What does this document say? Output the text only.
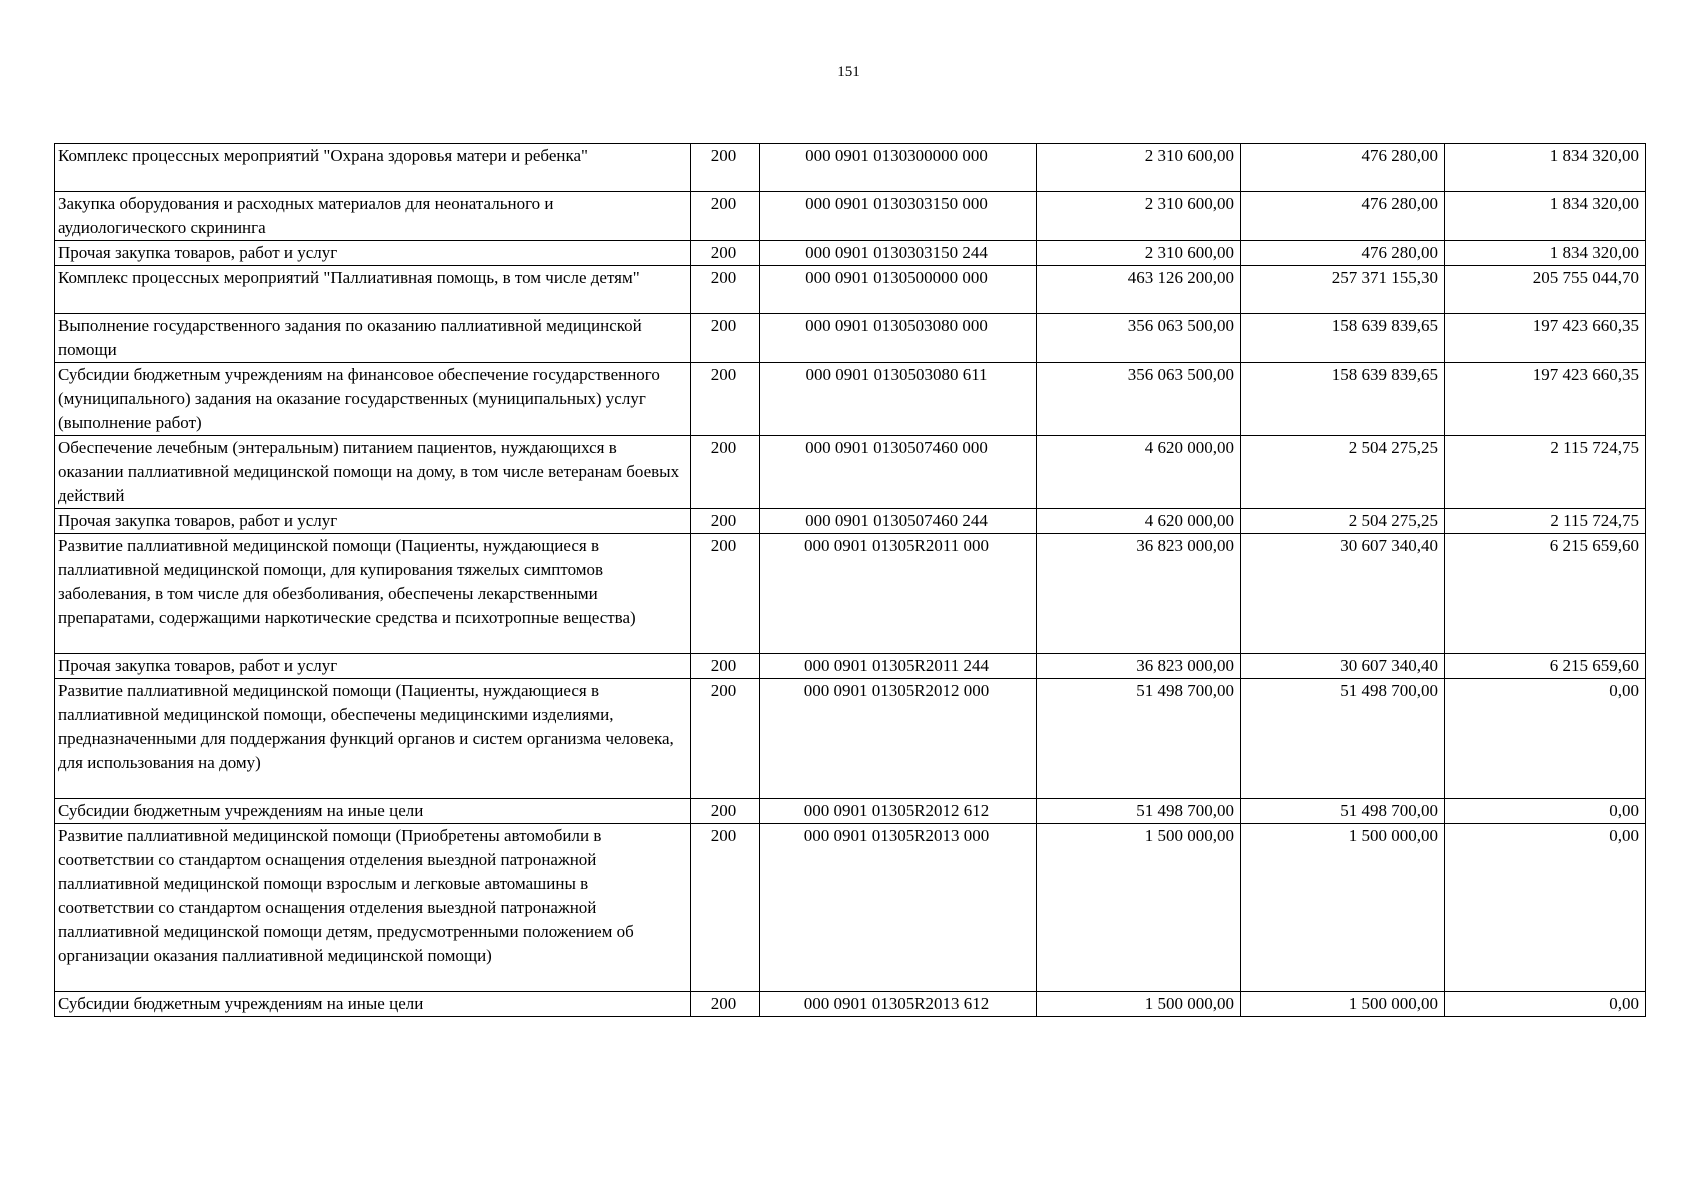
151
Комплекс процессных мероприятий "Охрана здоровья матери и ребенка"	200	000 0901 0130300000 000	2 310 600,00	476 280,00	1 834 320,00
Закупка оборудования и расходных материалов для неонатального и аудиологического скрининга	200	000 0901 0130303150 000	2 310 600,00	476 280,00	1 834 320,00
Прочая закупка товаров, работ и услуг	200	000 0901 0130303150 244	2 310 600,00	476 280,00	1 834 320,00
Комплекс процессных мероприятий "Паллиативная помощь, в том числе детям"	200	000 0901 0130500000 000	463 126 200,00	257 371 155,30	205 755 044,70
Выполнение государственного задания по оказанию паллиативной медицинской помощи	200	000 0901 0130503080 000	356 063 500,00	158 639 839,65	197 423 660,35
Субсидии бюджетным учреждениям на финансовое обеспечение государственного (муниципального) задания на оказание государственных (муниципальных) услуг (выполнение работ)	200	000 0901 0130503080 611	356 063 500,00	158 639 839,65	197 423 660,35
Обеспечение лечебным (энтеральным) питанием пациентов, нуждающихся в оказании паллиативной медицинской помощи на дому, в том числе ветеранам боевых действий	200	000 0901 0130507460 000	4 620 000,00	2 504 275,25	2 115 724,75
Прочая закупка товаров, работ и услуг	200	000 0901 0130507460 244	4 620 000,00	2 504 275,25	2 115 724,75
Развитие паллиативной медицинской помощи (Пациенты, нуждающиеся в паллиативной медицинской помощи, для купирования тяжелых симптомов заболевания, в том числе для обезболивания, обеспечены лекарственными препаратами, содержащими наркотические средства и психотропные вещества)	200	000 0901 01305R2011 000	36 823 000,00	30 607 340,40	6 215 659,60
Прочая закупка товаров, работ и услуг	200	000 0901 01305R2011 244	36 823 000,00	30 607 340,40	6 215 659,60
Развитие паллиативной медицинской помощи (Пациенты, нуждающиеся в паллиативной медицинской помощи, обеспечены медицинскими изделиями, предназначенными для поддержания функций органов и систем организма человека, для использования на дому)	200	000 0901 01305R2012 000	51 498 700,00	51 498 700,00	0,00
Субсидии бюджетным учреждениям на иные цели	200	000 0901 01305R2012 612	51 498 700,00	51 498 700,00	0,00
Развитие паллиативной медицинской помощи (Приобретены автомобили в соответствии со стандартом оснащения отделения выездной патронажной паллиативной медицинской помощи взрослым и легковые автомашины в соответствии со стандартом оснащения отделения выездной патронажной паллиативной медицинской помощи детям, предусмотренными положением об организации оказания паллиативной медицинской помощи)	200	000 0901 01305R2013 000	1 500 000,00	1 500 000,00	0,00
Субсидии бюджетным учреждениям на иные цели	200	000 0901 01305R2013 612	1 500 000,00	1 500 000,00	0,00
